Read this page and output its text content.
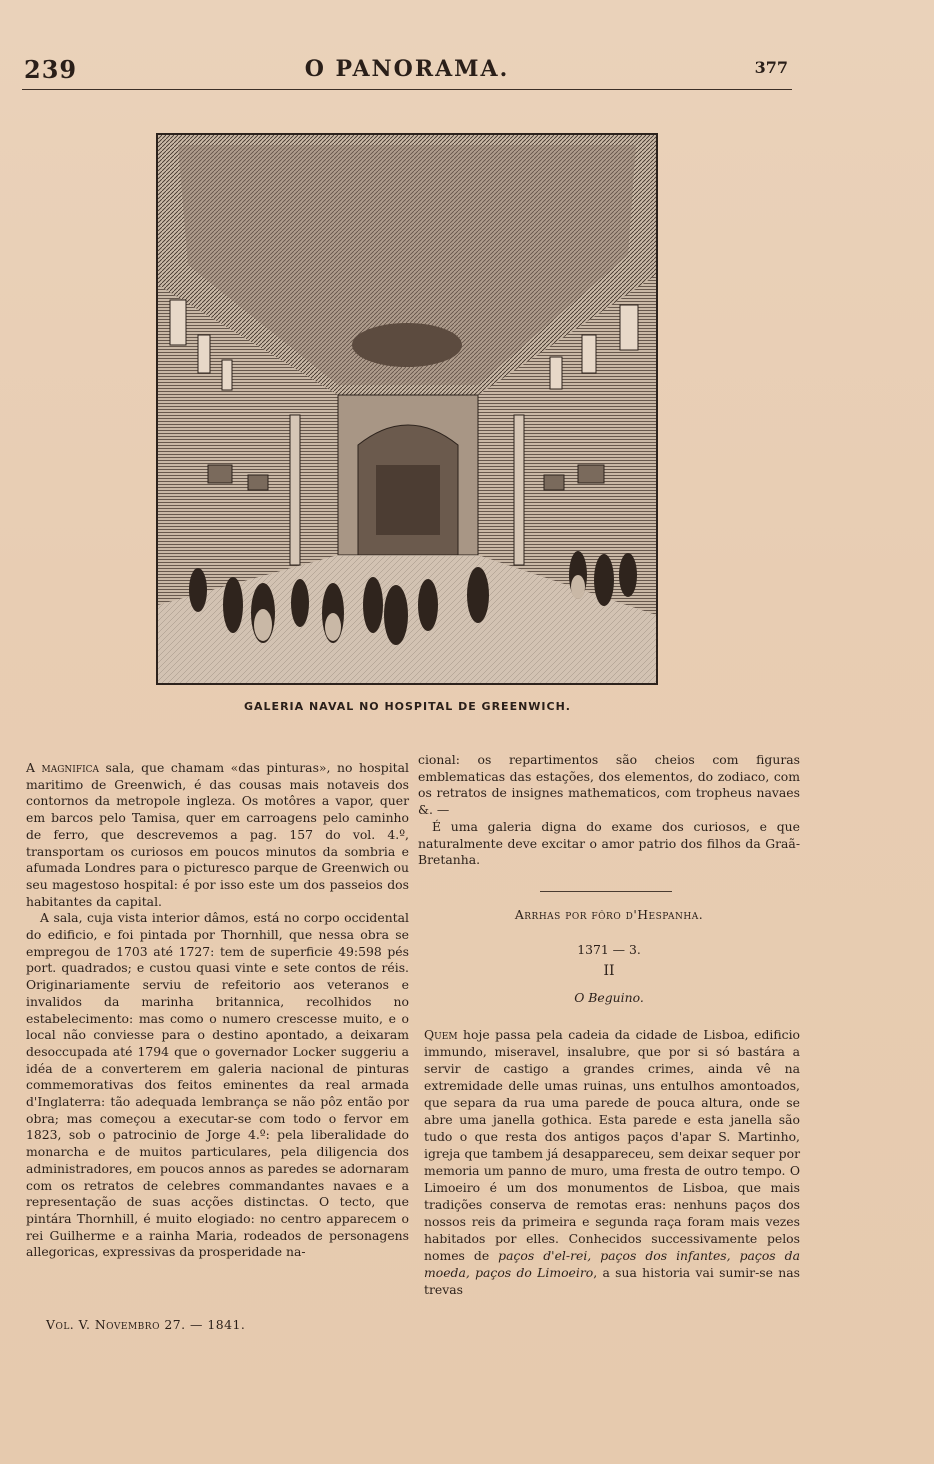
239	O PANORAMA.	377
GALERIA NAVAL NO HOSPITAL DE GREENWICH.

A magnifica sala, que chamam «das pinturas», no hospital maritimo de Greenwich, é das cousas mais notaveis dos contornos da metropole ingleza. Os motôres a vapor, quer em barcos pelo Tamisa, quer em carroagens pelo caminho de ferro, que descrevemos a pag. 157 do vol. 4.º, transportam os curiosos em poucos minutos da sombria e afumada Londres para o picturesco parque de Greenwich ou seu magestoso hospital: é por isso este um dos passeios dos habitantes da capital.

A sala, cuja vista interior dâmos, está no corpo occidental do edificio, e foi pintada por Thornhill, que nessa obra se empregou de 1703 até 1727: tem de superficie 49:598 pés port. quadrados; e custou quasi vinte e sete contos de réis. Originariamente serviu de refeitorio aos veteranos e invalidos da marinha britannica, recolhidos no estabelecimento: mas como o numero crescesse muito, e o local não conviesse para o destino apontado, a deixaram desoccupada até 1794 que o governador Locker suggeriu a idéa de a converterem em galeria nacional de pinturas commemorativas dos feitos eminentes da real armada d'Inglaterra: tão adequada lembrança se não pôz então por obra; mas começou a executar-se com todo o fervor em 1823, sob o patrocinio de Jorge 4.º: pela liberalidade do monarcha e de muitos particulares, pela diligencia dos administradores, em poucos annos as paredes se adornaram com os retratos de celebres commandantes navaes e a representação de suas acções distinctas. O tecto, que pintára Thornhill, é muito elogiado: no centro apparecem o rei Guilherme e a rainha Maria, rodeados de personagens allegoricas, expressivas da prosperidade na-

Vol. V. Novembro 27. — 1841.

cional: os repartimentos são cheios com figuras emblematicas das estações, dos elementos, do zodiaco, com os retratos de insignes mathematicos, com tropheus navaes &. —

É uma galeria digna do exame dos curiosos, e que naturalmente deve excitar o amor patrio dos filhos da Graã-Bretanha.

Arrhas por fôro d'Hespanha.
1371 — 3.
II
O Beguino.

Quem hoje passa pela cadeia da cidade de Lisboa, edificio immundo, miseravel, insalubre, que por si só bastára a servir de castigo a grandes crimes, ainda vê na extremidade delle umas ruinas, uns entulhos amontoados, que separa da rua uma parede de pouca altura, onde se abre uma janella gothica. Esta parede e esta janella são tudo o que resta dos antigos paços d'apar S. Martinho, igreja que tambem já desappareceu, sem deixar sequer por memoria um panno de muro, uma fresta de outro tempo. O Limoeiro é um dos monumentos de Lisboa, que mais tradições conserva de remotas eras: nenhuns paços dos nossos reis da primeira e segunda raça foram mais vezes habitados por elles. Conhecidos successivamente pelos nomes de paços d'el-rei, paços dos infantes, paços da moeda, paços do Limoeiro, a sua historia vai sumir-se nas trevas
